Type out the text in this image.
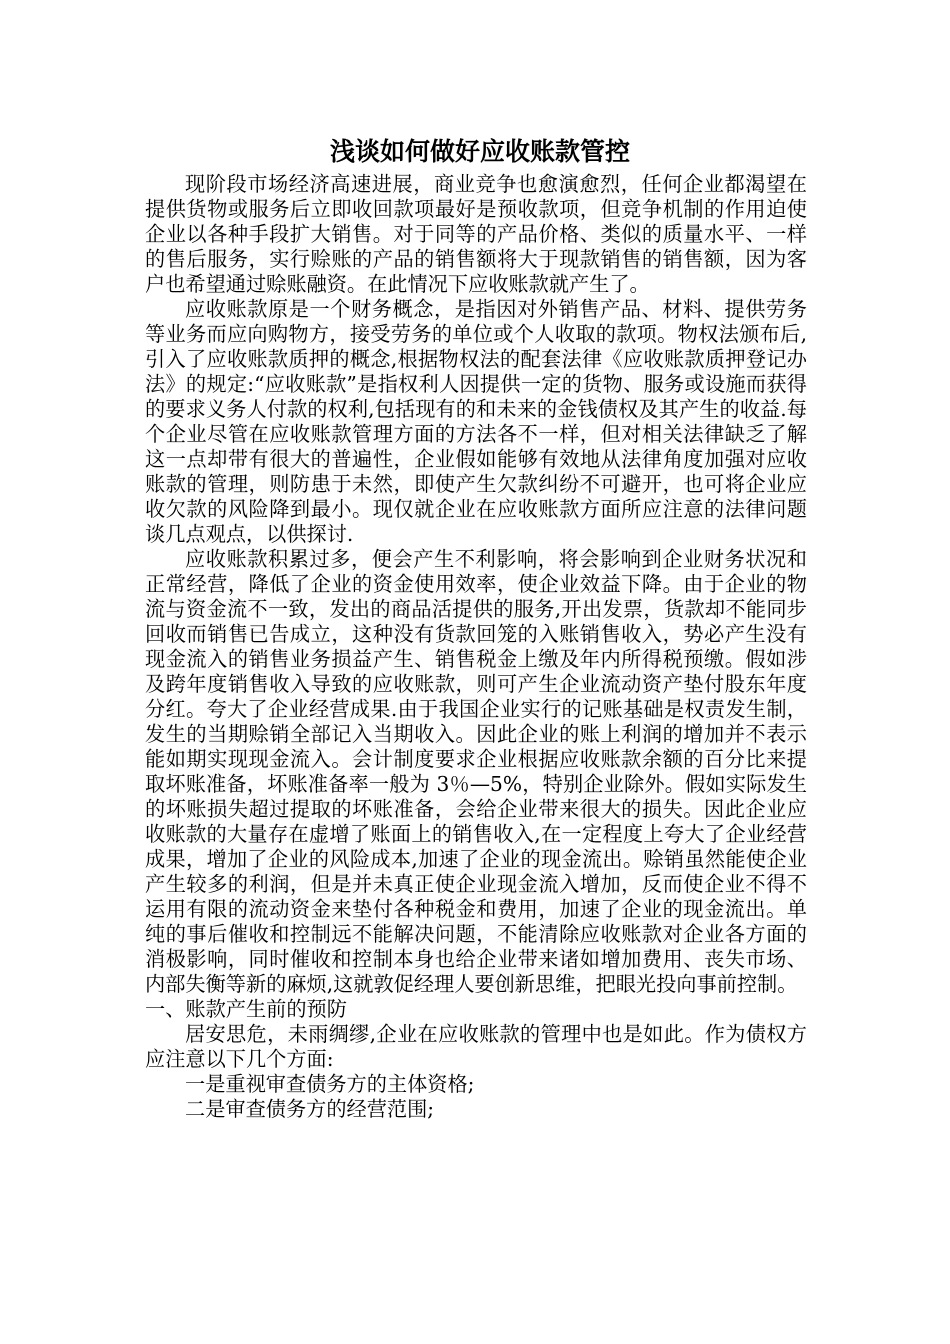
浅谈如何做好应收账款管控

现阶段市场经济高速进展，商业竞争也愈演愈烈，任何企业都渴望在提供货物或服务后立即收回款项最好是预收款项，但竞争机制的作用迫使企业以各种手段扩大销售。对于同等的产品价格、类似的质量水平、一样的售后服务，实行赊账的产品的销售额将大于现款销售的销售额，因为客户也希望通过赊账融资。在此情况下应收账款就产生了。

应收账款原是一个财务概念，是指因对外销售产品、材料、提供劳务等业务而应向购物方，接受劳务的单位或个人收取的款项。物权法颁布后,引入了应收账款质押的概念,根据物权法的配套法律《应收账款质押登记办法》的规定:“应收账款”是指权利人因提供一定的货物、服务或设施而获得的要求义务人付款的权利,包括现有的和未来的金钱债权及其产生的收益.每个企业尽管在应收账款管理方面的方法各不一样，但对相关法律缺乏了解这一点却带有很大的普遍性，企业假如能够有效地从法律角度加强对应收账款的管理，则防患于未然，即使产生欠款纠纷不可避开，也可将企业应收欠款的风险降到最小。现仅就企业在应收账款方面所应注意的法律问题谈几点观点，以供探讨.

应收账款积累过多，便会产生不利影响，将会影响到企业财务状况和正常经营，降低了企业的资金使用效率，使企业效益下降。由于企业的物流与资金流不一致，发出的商品活提供的服务,开出发票，货款却不能同步回收而销售已告成立，这种没有货款回笼的入账销售收入，势必产生没有现金流入的销售业务损益产生、销售税金上缴及年内所得税预缴。假如涉及跨年度销售收入导致的应收账款，则可产生企业流动资产垫付股东年度分红。夸大了企业经营成果.由于我国企业实行的记账基础是权责发生制，发生的当期赊销全部记入当期收入。因此企业的账上利润的增加并不表示能如期实现现金流入。会计制度要求企业根据应收账款余额的百分比来提取坏账准备，坏账准备率一般为 3％—5%，特别企业除外。假如实际发生的坏账损失超过提取的坏账准备，会给企业带来很大的损失。因此企业应收账款的大量存在虚增了账面上的销售收入,在一定程度上夸大了企业经营成果，增加了企业的风险成本,加速了企业的现金流出。赊销虽然能使企业产生较多的利润，但是并未真正使企业现金流入增加，反而使企业不得不运用有限的流动资金来垫付各种税金和费用，加速了企业的现金流出。单纯的事后催收和控制远不能解决问题，不能清除应收账款对企业各方面的消极影响，同时催收和控制本身也给企业带来诸如增加费用、丧失市场、内部失衡等新的麻烦,这就敦促经理人要创新思维，把眼光投向事前控制。

一、账款产生前的预防

居安思危，未雨绸缪,企业在应收账款的管理中也是如此。作为债权方应注意以下几个方面:

一是重视审查债务方的主体资格;

二是审查债务方的经营范围;
